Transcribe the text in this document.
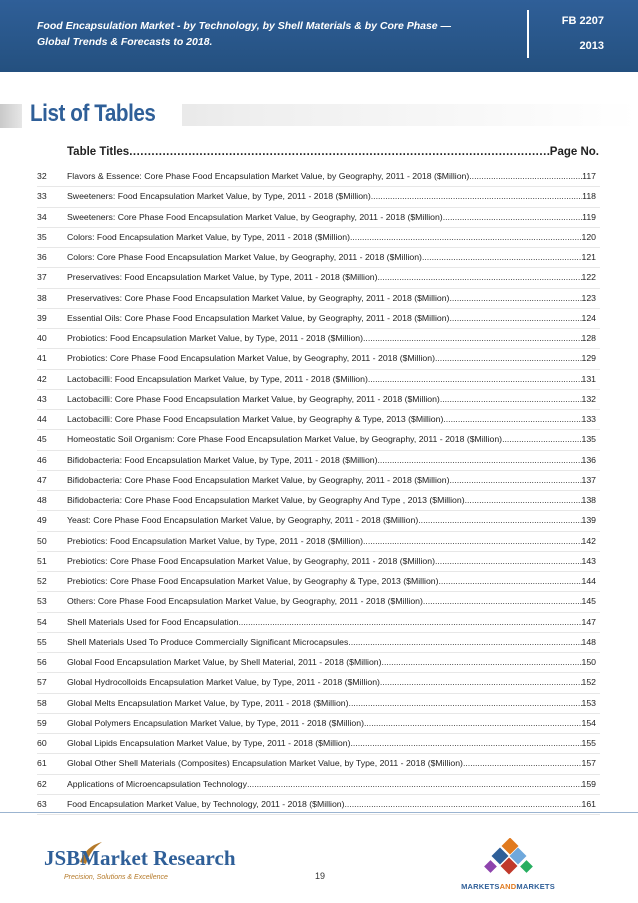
Food Encapsulation Market - by Technology, by Shell Materials & by Core Phase — Global Trends & Forecasts to 2018.
FB 2207
2013
List of Tables
Table Titles .....	Page No.
32 Flavors & Essence: Core Phase Food Encapsulation Market Value, by Geography, 2011 - 2018 ($Million) .....	117
33 Sweeteners: Food Encapsulation Market Value, by Type, 2011 - 2018 ($Million) .....	118
34 Sweeteners: Core Phase Food Encapsulation Market Value, by Geography, 2011 - 2018 ($Million) .....	119
35 Colors: Food Encapsulation Market Value, by Type, 2011 - 2018 ($Million) .....	120
36 Colors: Core Phase Food Encapsulation Market Value, by Geography, 2011 - 2018 ($Million) .....	121
37 Preservatives: Food Encapsulation Market Value, by Type, 2011 - 2018 ($Million) .....	122
38 Preservatives: Core Phase Food Encapsulation Market Value, by Geography, 2011 - 2018 ($Million) .....	123
39 Essential Oils: Core Phase Food Encapsulation Market Value, by Geography, 2011 - 2018 ($Million) .....	124
40 Probiotics: Food Encapsulation Market Value, by Type, 2011 - 2018 ($Million) .....	128
41 Probiotics: Core Phase Food Encapsulation Market Value, by Geography, 2011 - 2018 ($Million) .....	129
42 Lactobacilli: Food Encapsulation Market Value, by Type, 2011 - 2018 ($Million) .....	131
43 Lactobacilli: Core Phase Food Encapsulation Market Value, by Geography, 2011 - 2018 ($Million) .....	132
44 Lactobacilli: Core Phase Food Encapsulation Market Value, by Geography & Type, 2013 ($Million) .....	133
45 Homeostatic Soil Organism: Core Phase Food Encapsulation Market Value, by Geography, 2011 - 2018 ($Million) .....	135
46 Bifidobacteria: Food Encapsulation Market Value, by Type, 2011 - 2018 ($Million) .....	136
47 Bifidobacteria: Core Phase Food Encapsulation Market Value, by Geography, 2011 - 2018 ($Million) .....	137
48 Bifidobacteria: Core Phase Food Encapsulation Market Value, by Geography And Type , 2013 ($Million) .....	138
49 Yeast: Core Phase Food Encapsulation Market Value, by Geography, 2011 - 2018 ($Million) .....	139
50 Prebiotics: Food Encapsulation Market Value, by Type, 2011 - 2018 ($Million) .....	142
51 Prebiotics: Core Phase Food Encapsulation Market Value, by Geography, 2011 - 2018 ($Million) .....	143
52 Prebiotics: Core Phase Food Encapsulation Market Value, by Geography & Type, 2013 ($Million) .....	144
53 Others: Core Phase Food Encapsulation Market Value, by Geography, 2011 - 2018 ($Million) .....	145
54 Shell Materials Used for Food Encapsulation .....	147
55 Shell Materials Used To Produce Commercially Significant Microcapsules .....	148
56 Global Food Encapsulation Market Value, by Shell Material, 2011 - 2018 ($Million) .....	150
57 Global Hydrocolloids Encapsulation Market Value, by Type, 2011 - 2018 ($Million) .....	152
58 Global Melts Encapsulation Market Value, by Type, 2011 - 2018 ($Million) .....	153
59 Global Polymers Encapsulation Market Value, by Type, 2011 - 2018 ($Million) .....	154
60 Global Lipids Encapsulation Market Value, by Type, 2011 - 2018 ($Million) .....	155
61 Global Other Shell Materials (Composites) Encapsulation Market Value, by Type, 2011 - 2018 ($Million) .....	157
62 Applications of Microencapsulation Technology .....	159
63 Food Encapsulation Market Value, by Technology, 2011 - 2018 ($Million) .....	161
JSBMarket Research
Precision, Solutions & Excellence	19
MARKETSANDMARKETS
